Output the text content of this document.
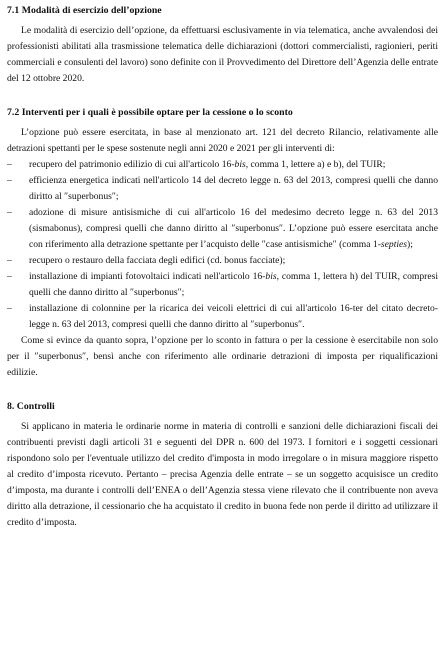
7.1 Modalità di esercizio dell’opzione

Le modalità di esercizio dell’opzione, da effettuarsi esclusivamente in via telematica, anche avvalendosi dei professionisti abilitati alla trasmissione telematica delle dichiarazioni (dottori commercialisti, ragionieri, periti commerciali e consulenti del lavoro) sono definite con il Provvedimento del Direttore dell’Agenzia delle entrate del 12 ottobre 2020.

7.2 Interventi per i quali è possibile optare per la cessione o lo sconto

L’opzione può essere esercitata, in base al menzionato art. 121 del decreto Rilancio, relativamente alle detrazioni spettanti per le spese sostenute negli anni 2020 e 2021 per gli interventi di:

– recupero del patrimonio edilizio di cui all'articolo 16-bis, comma 1, lettere a) e b), del TUIR;
– efficienza energetica indicati nell'articolo 14 del decreto legge n. 63 del 2013, compresi quelli che danno diritto al ″superbonus″;
– adozione di misure antisismiche di cui all'articolo 16 del medesimo decreto legge n. 63 del 2013 (sismabonus), compresi quelli che danno diritto al ″superbonus″. L’opzione può essere esercitata anche con riferimento alla detrazione spettante per l’acquisto delle ″case antisismiche″ (comma 1-septies);
– recupero o restauro della facciata degli edifici (cd. bonus facciate);
– installazione di impianti fotovoltaici indicati nell'articolo 16-bis, comma 1, lettera h) del TUIR, compresi quelli che danno diritto al ″superbonus″;
– installazione di colonnine per la ricarica dei veicoli elettrici di cui all'articolo 16-ter del citato decreto-legge n. 63 del 2013, compresi quelli che danno diritto al ″superbonus″.

Come si evince da quanto sopra, l’opzione per lo sconto in fattura o per la cessione è esercitabile non solo per il ″superbonus″, bensì anche con riferimento alle ordinarie detrazioni di imposta per riqualificazioni edilizie.

8. Controlli

Si applicano in materia le ordinarie norme in materia di controlli e sanzioni delle dichiarazioni fiscali dei contribuenti previsti dagli articoli 31 e seguenti del DPR n. 600 del 1973. I fornitori e i soggetti cessionari rispondono solo per l'eventuale utilizzo del credito d'imposta in modo irregolare o in misura maggiore rispetto al credito d’imposta ricevuto. Pertanto – precisa Agenzia delle entrate – se un soggetto acquisisce un credito d’imposta, ma durante i controlli dell’ENEA o dell’Agenzia stessa viene rilevato che il contribuente non aveva diritto alla detrazione, il cessionario che ha acquistato il credito in buona fede non perde il diritto ad utilizzare il credito d’imposta.
